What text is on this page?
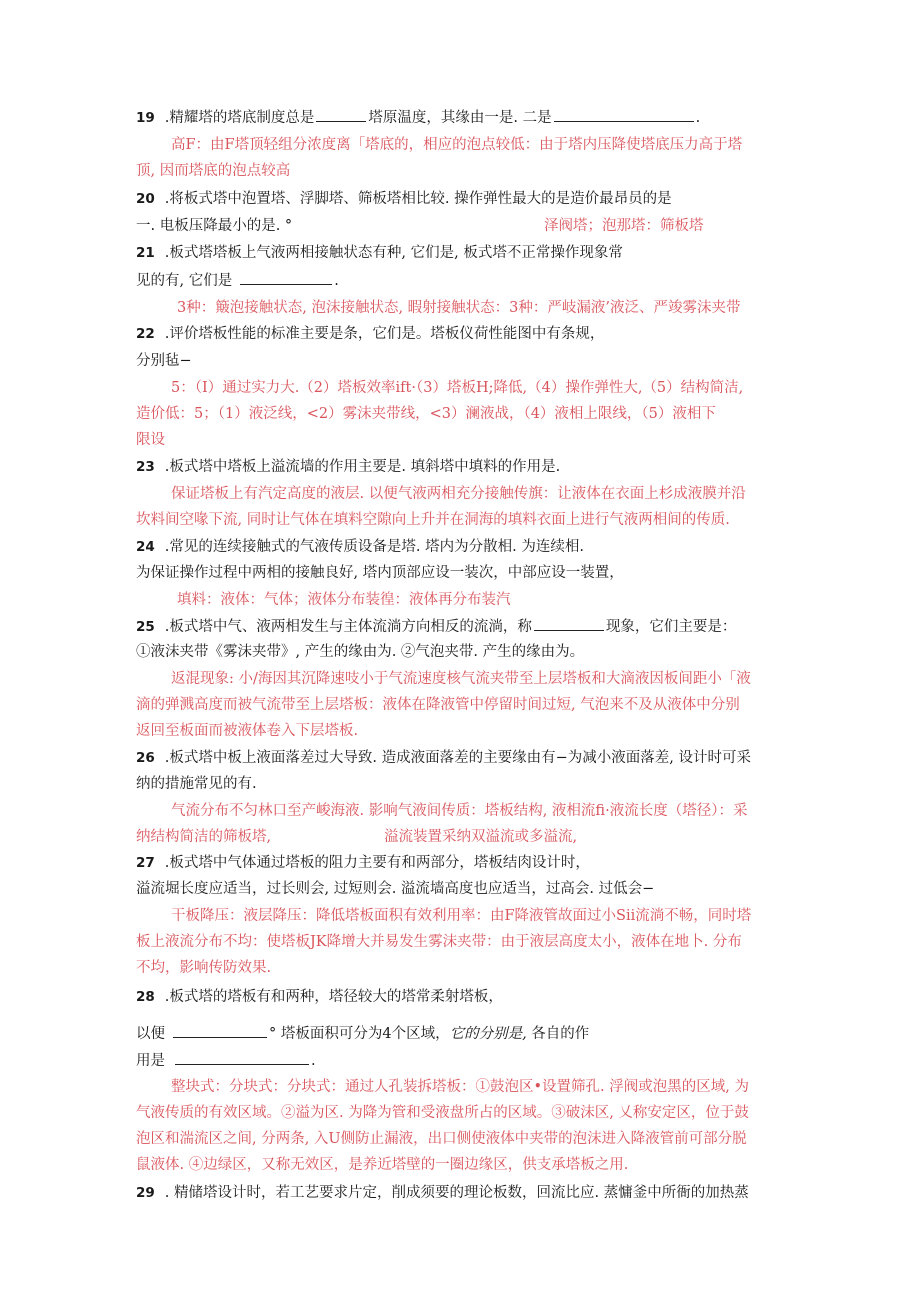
19 .精耀塔的塔底制度总是	塔原温度，其缘由一是. 二是	.
高F：由F塔顶轻组分浓度离「塔底的，相应的泡点较低：由于塔内压降使塔底压力高于塔
顶, 因而塔底的泡点较高
20 .将板式塔中泡置塔、浮脚塔、筛板塔相比较. 操作弹性最大的是造价最昂员的是
一. 电板压降最小的是. °	泽阀塔；泡那塔：筛板塔
21 .板式塔塔板上气液两相接触状态有种, 它们是, 板式塔不正常操作现象常
见的有, 它们是	.
3种：簸泡接触状态, 泡沫接触状态, 暇射接触状态：3种：严岐漏液’液泛、严竣雾沫夹带
22 .评价塔板性能的标准主要是条，它们是。塔板仪荷性能图中有条规，
分别毡−
5：（I）通过实力大.（2）塔板效率ift·（3）塔板H;降低,（4）操作弹性大,（5）结构简洁,
造价低：5；（1）液泛线，<2）雾沫夹带线，<3）澜液战，（4）液相上限线，（5）液相下
限设
23 .板式塔中塔板上溢流墙的作用主要是. 填斜塔中填料的作用是.
保证塔板上有汽定高度的液层. 以便气液两相充分接触传旗：让液体在衣面上杉成液膜并沿
坎料间空喙下流, 同时让气体在填料空隙向上升并在洞海的填料衣面上进行气液两相间的传质.
24 .常见的连续接触式的气液传质设备是塔. 塔内为分散相. 为连续相.
为保证操作过程中两相的接触良好, 塔内顶部应设一装次，中部应设一装置，
填料：液体：气体；液体分布装徨：液体再分布装汽
25 .板式塔中气、液两相发生与主体流淌方向相反的流淌，称	现象，它们主要是：
①液沫夹带《雾沫夹带》, 产生的缘由为. ②气泡夹带. 产生的缘由为。
返混现象: 小/海因其沉降速吱小于气流速度核气流夹带至上层塔板和大滴液因板间距小「液
滴的弹溅高度而被气流带至上层塔板：液体在降液管中停留时间过短, 气泡来不及从液体中分别
返回至板面而被液体卷入下层塔板.
26 .板式塔中板上液面落差过大导致. 造成液面落差的主要缘由有−为减小液面落差, 设计时可采
纳的措施常见的有.
气流分布不匀林口至产峻海液. 影响气液间传质：塔板结构, 液相流fi·液流长度（塔径）：采
纳结构简洁的筛板塔,	溢流装置采纳双溢流或多溢流,
27 .板式塔中气体通过塔板的阻力主要有和两部分，塔板结肉设计时，
溢流堀长度应适当，过长则会, 过短则会. 溢流墙高度也应适当，过高会. 过低会−
干板降压：液层降压：降低塔板面积有效利用率：由F降液管故面过小Sii流淌不畅，同时塔
板上液流分布不均：使塔板JK降增大并易发生雾沫夹带：由于液层高度太小，液体在地卜. 分布
不均，影响传防效果.
28 .板式塔的塔板有和两种，塔径较大的塔常柔射塔板，
以便	° 塔板面积可分为4个区域，它的分别是, 各自的作
用是	.
整块式：分块式：分块式：通过人孔装拆塔板：①鼓泡区•设置筛孔. 浮阀或泡黑的区域, 为
气液传质的有效区域。②溢为区. 为降为管和受液盘所占的区域。③破沫区, 乂称安定区，位于鼓
泡区和湍流区之间, 分两条, 入U侧防止漏液，出口侧使液体中夹带的泡沫进入降液管前可部分脱
鼠液体. ④边绿区，又称无效区，是养近塔壁的一圈边缘区，供支承塔板之用.
29 . 精储塔设计时，若工艺要求片定，削成须要的理论板数，回流比应. 蒸慵釜中所衙的加热蒸
